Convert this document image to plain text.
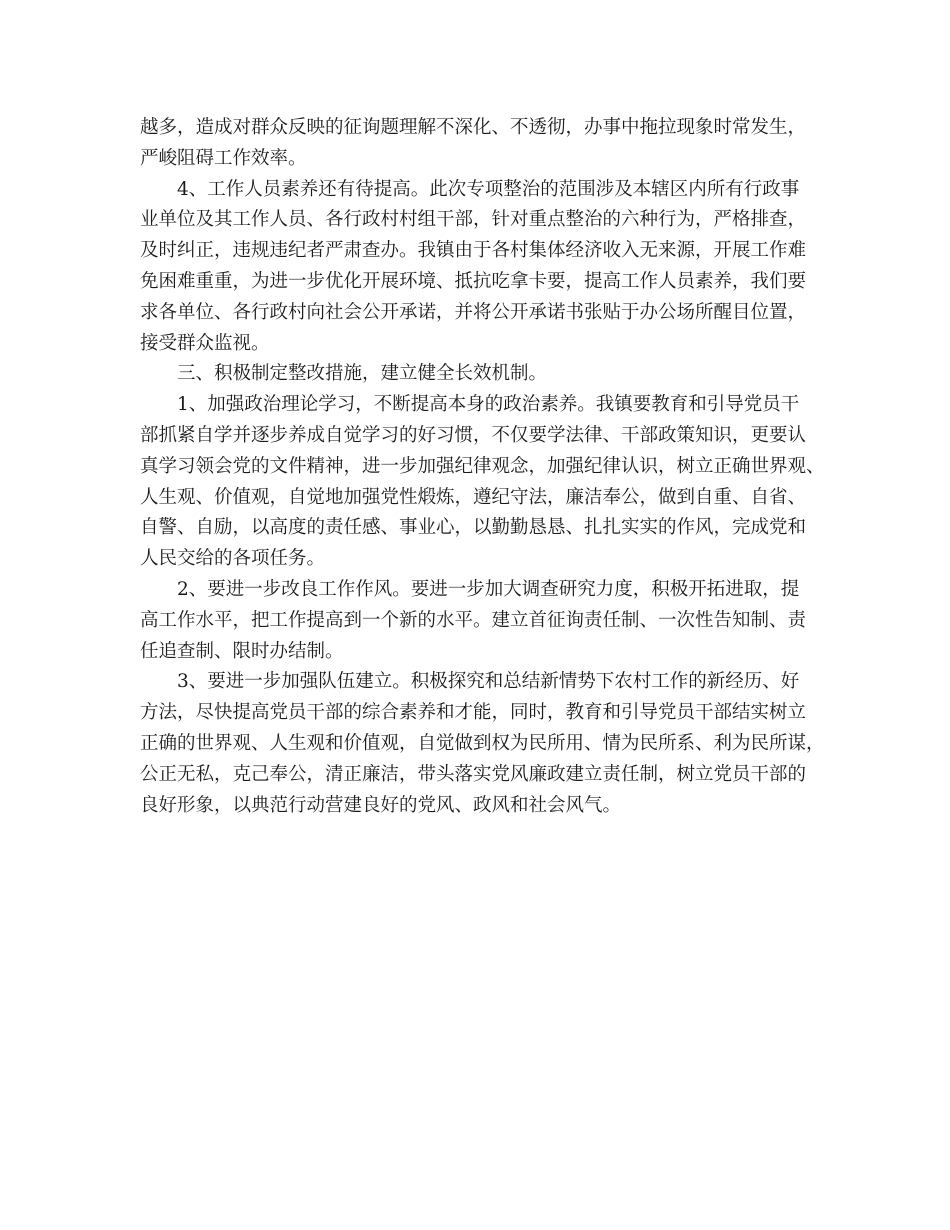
越多，造成对群众反映的征询题理解不深化、不透彻，办事中拖拉现象时常发生，
严峻阻碍工作效率。
4、工作人员素养还有待提高。此次专项整治的范围涉及本辖区内所有行政事
业单位及其工作人员、各行政村村组干部，针对重点整治的六种行为，严格排查，
及时纠正，违规违纪者严肃查办。我镇由于各村集体经济收入无来源，开展工作难
免困难重重，为进一步优化开展环境、抵抗吃拿卡要，提高工作人员素养，我们要
求各单位、各行政村向社会公开承诺，并将公开承诺书张贴于办公场所醒目位置，
接受群众监视。
三、积极制定整改措施，建立健全长效机制。
1、加强政治理论学习，不断提高本身的政治素养。我镇要教育和引导党员干
部抓紧自学并逐步养成自觉学习的好习惯，不仅要学法律、干部政策知识，更要认
真学习领会党的文件精神，进一步加强纪律观念，加强纪律认识，树立正确世界观、
人生观、价值观，自觉地加强党性煅炼，遵纪守法，廉洁奉公，做到自重、自省、
自警、自励，以高度的责任感、事业心，以勤勤恳恳、扎扎实实的作风，完成党和
人民交给的各项任务。
2、要进一步改良工作作风。要进一步加大调查研究力度，积极开拓进取，提
高工作水平，把工作提高到一个新的水平。建立首征询责任制、一次性告知制、责
任追查制、限时办结制。
3、要进一步加强队伍建立。积极探究和总结新情势下农村工作的新经历、好
方法，尽快提高党员干部的综合素养和才能，同时，教育和引导党员干部结实树立
正确的世界观、人生观和价值观，自觉做到权为民所用、情为民所系、利为民所谋，
公正无私，克己奉公，清正廉洁，带头落实党风廉政建立责任制，树立党员干部的
良好形象，以典范行动营建良好的党风、政风和社会风气。
